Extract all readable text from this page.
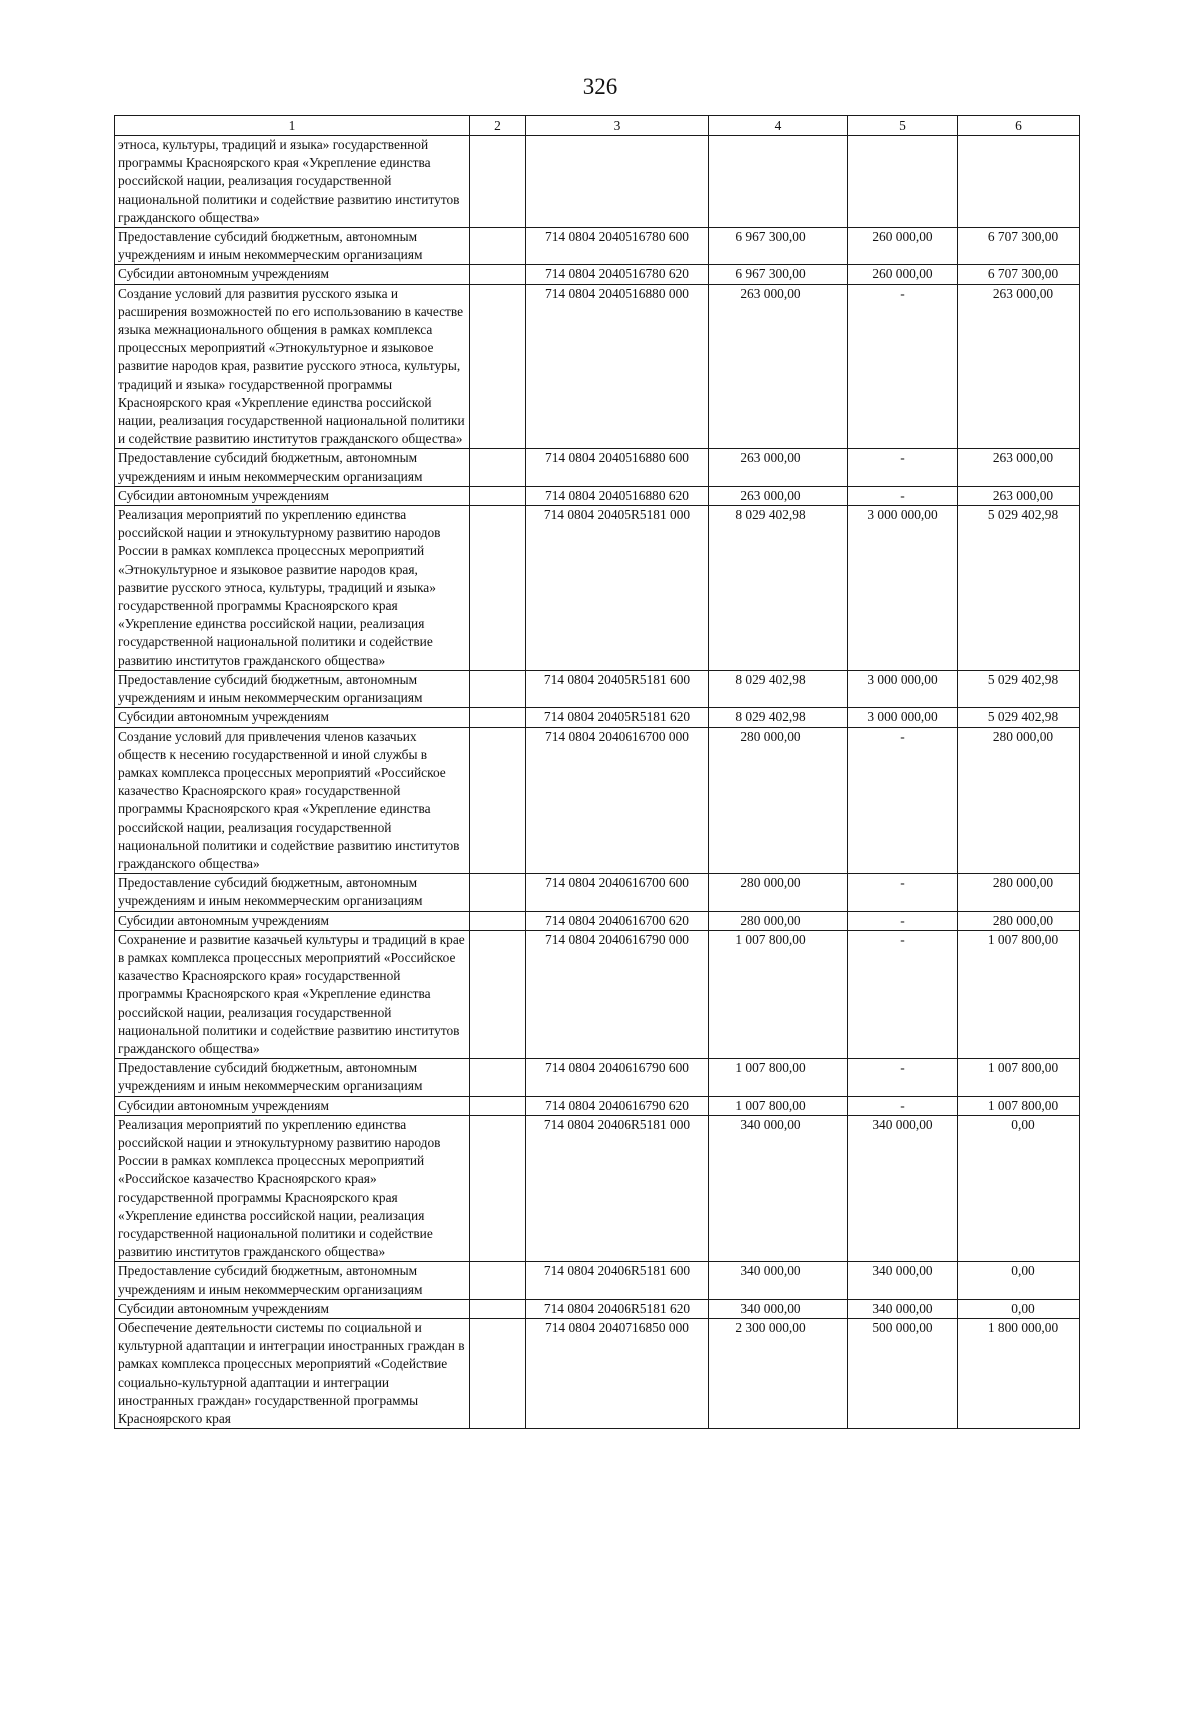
326
1	2	3	4	5	6
этноса, культуры, традиций и языка» государственной программы Красноярского края «Укрепление единства российской нации, реализация государственной национальной политики и содействие развитию институтов гражданского общества»					
Предоставление субсидий бюджетным, автономным учреждениям и иным некоммерческим организациям		714 0804 2040516780 600	6 967 300,00	260 000,00	6 707 300,00
Субсидии автономным учреждениям		714 0804 2040516780 620	6 967 300,00	260 000,00	6 707 300,00
Создание условий для развития русского языка и расширения возможностей по его использованию в качестве языка межнационального общения в рамках комплекса процессных мероприятий «Этнокультурное и языковое развитие народов края, развитие русского этноса, культуры, традиций и языка» государственной программы Красноярского края «Укрепление единства российской нации, реализация государственной национальной политики и содействие развитию институтов гражданского общества»		714 0804 2040516880 000	263 000,00	-	263 000,00
Предоставление субсидий бюджетным, автономным учреждениям и иным некоммерческим организациям		714 0804 2040516880 600	263 000,00	-	263 000,00
Субсидии автономным учреждениям		714 0804 2040516880 620	263 000,00	-	263 000,00
Реализация мероприятий по укреплению единства российской нации и этнокультурному развитию народов России в рамках комплекса процессных мероприятий «Этнокультурное и языковое развитие народов края, развитие русского этноса, культуры, традиций и языка» государственной программы Красноярского края «Укрепление единства российской нации, реализация государственной национальной политики и содействие развитию институтов гражданского общества»		714 0804 20405R5181 000	8 029 402,98	3 000 000,00	5 029 402,98
Предоставление субсидий бюджетным, автономным учреждениям и иным некоммерческим организациям		714 0804 20405R5181 600	8 029 402,98	3 000 000,00	5 029 402,98
Субсидии автономным учреждениям		714 0804 20405R5181 620	8 029 402,98	3 000 000,00	5 029 402,98
Создание условий для привлечения членов казачьих обществ к несению государственной и иной службы в рамках комплекса процессных мероприятий «Российское казачество Красноярского края» государственной программы Красноярского края «Укрепление единства российской нации, реализация государственной национальной политики и содействие развитию институтов гражданского общества»		714 0804 2040616700 000	280 000,00	-	280 000,00
Предоставление субсидий бюджетным, автономным учреждениям и иным некоммерческим организациям		714 0804 2040616700 600	280 000,00	-	280 000,00
Субсидии автономным учреждениям		714 0804 2040616700 620	280 000,00	-	280 000,00
Сохранение и развитие казачьей культуры и традиций в крае в рамках комплекса процессных мероприятий «Российское казачество Красноярского края» государственной программы Красноярского края «Укрепление единства российской нации, реализация государственной национальной политики и содействие развитию институтов гражданского общества»		714 0804 2040616790 000	1 007 800,00	-	1 007 800,00
Предоставление субсидий бюджетным, автономным учреждениям и иным некоммерческим организациям		714 0804 2040616790 600	1 007 800,00	-	1 007 800,00
Субсидии автономным учреждениям		714 0804 2040616790 620	1 007 800,00	-	1 007 800,00
Реализация мероприятий по укреплению единства российской нации и этнокультурному развитию народов России в рамках комплекса процессных мероприятий «Российское казачество Красноярского края» государственной программы Красноярского края «Укрепление единства российской нации, реализация государственной национальной политики и содействие развитию институтов гражданского общества»		714 0804 20406R5181 000	340 000,00	340 000,00	0,00
Предоставление субсидий бюджетным, автономным учреждениям и иным некоммерческим организациям		714 0804 20406R5181 600	340 000,00	340 000,00	0,00
Субсидии автономным учреждениям		714 0804 20406R5181 620	340 000,00	340 000,00	0,00
Обеспечение деятельности системы по социальной и культурной адаптации и интеграции иностранных граждан в рамках комплекса процессных мероприятий «Содействие социально-культурной адаптации и интеграции иностранных граждан» государственной программы Красноярского края		714 0804 2040716850 000	2 300 000,00	500 000,00	1 800 000,00
